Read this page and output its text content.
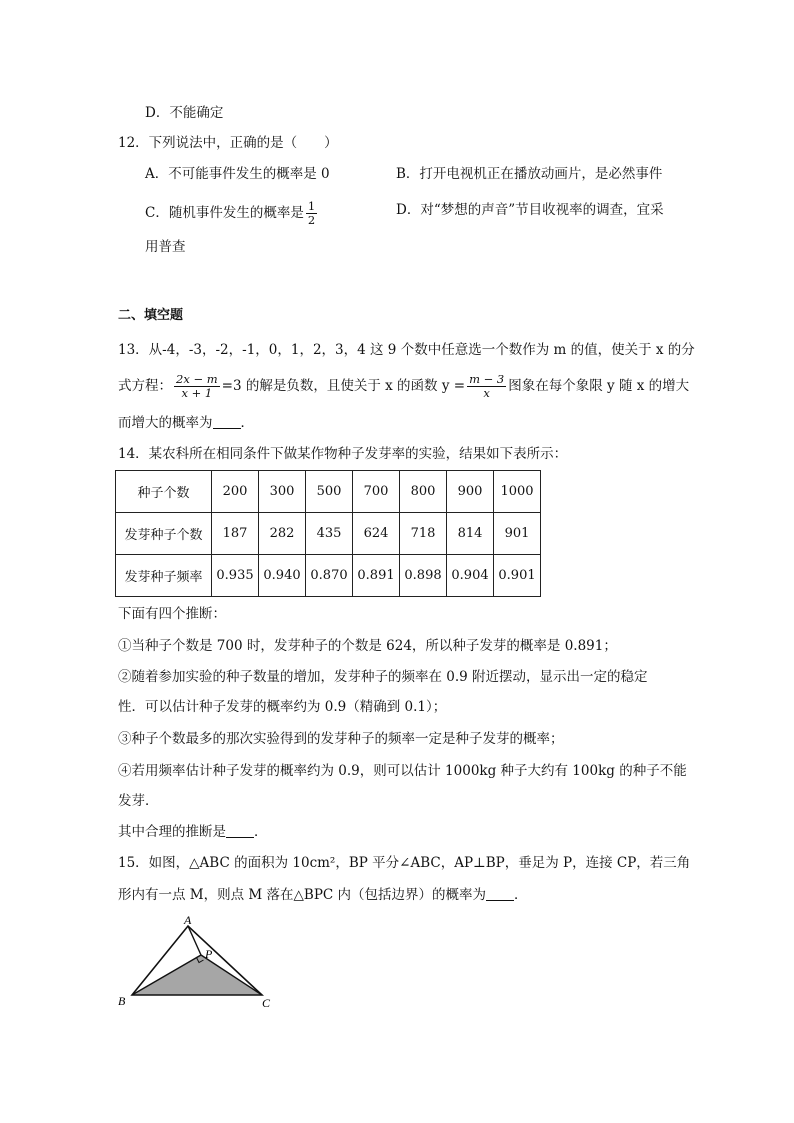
D．不能确定
12．下列说法中，正确的是（　　）
A．不可能事件发生的概率是 0	B．打开电视机正在播放动画片，是必然事件
C．随机事件发生的概率是 $\frac{1}{2}$	D．对“梦想的声音”节目收视率的调查，宜采
用普查
二、填空题
13．从-4，-3，-2，-1，0，1，2，3，4 这 9 个数中任意选一个数作为 m 的值，使关于 x 的分
式方程： $\frac{2x - m}{x + 1} =3$ 的解是负数，且使关于 x 的函数 $y = \frac{m - 3}{x}$ 图象在每个象限 y 随 x 的增大
而增大的概率为 ．
14．某农科所在相同条件下做某作物种子发芽率的实验，结果如下表所示：
种子个数	200	300	500	700	800	900	1000
发芽种子个数	187	282	435	624	718	814	901
发芽种子频率	0.935	0.940	0.870	0.891	0.898	0.904	0.901
下面有四个推断：
①当种子个数是 700 时，发芽种子的个数是 624，所以种子发芽的概率是 0.891；
②随着参加实验的种子数量的增加，发芽种子的频率在 0.9 附近摆动，显示出一定的稳定
性．可以估计种子发芽的概率约为 0.9（精确到 0.1）；
③种子个数最多的那次实验得到的发芽种子的频率一定是种子发芽的概率；
④若用频率估计种子发芽的概率约为 0.9，则可以估计 1000kg 种子大约有 100kg 的种子不能
发芽．
其中合理的推断是 ．
15．如图，△ABC 的面积为 10cm²，BP 平分∠ABC，AP⊥BP，垂足为 P，连接 CP，若三角
形内有一点 M，则点 M 落在△BPC 内（包括边界）的概率为 ．
A
B	C
P
